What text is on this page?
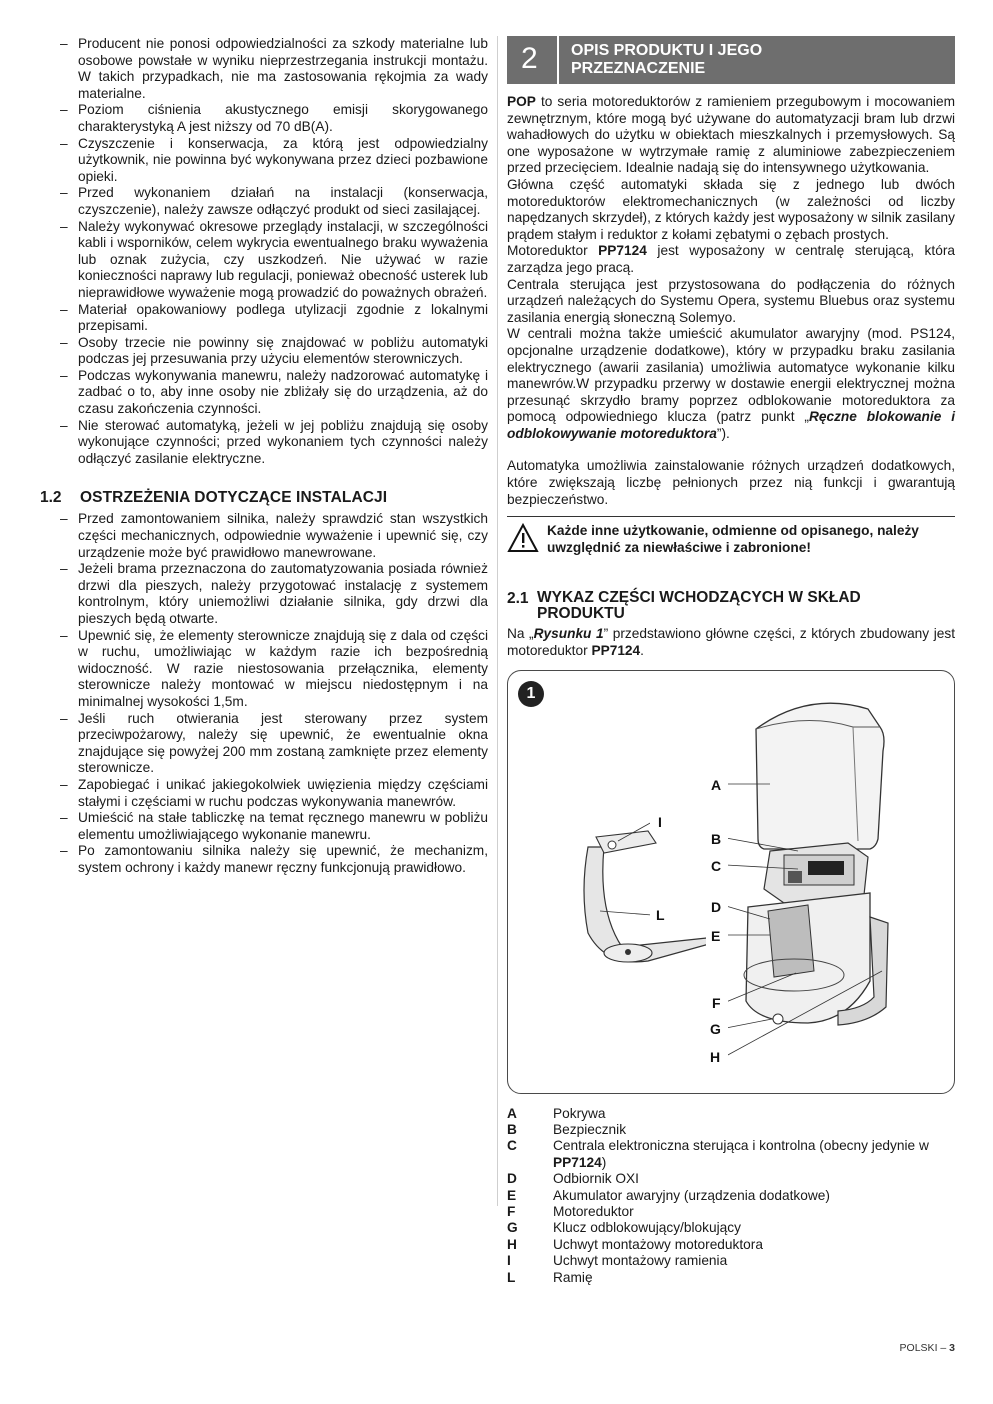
– Producent nie ponosi odpowiedzialności za szkody materialne lub osobowe powstałe w wyniku nieprzestrzegania instrukcji montażu. W takich przypadkach, nie ma zastosowania rękojmia za wady materialne.
– Poziom ciśnienia akustycznego emisji skorygowanego charakterystyką A jest niższy od 70 dB(A).
– Czyszczenie i konserwacja, za którą jest odpowiedzialny użytkownik, nie powinna być wykonywana przez dzieci pozbawione opieki.
– Przed wykonaniem działań na instalacji (konserwacja, czyszczenie), należy zawsze odłączyć produkt od sieci zasilającej.
– Należy wykonywać okresowe przeglądy instalacji, w szczególności kabli i wsporników, celem wykrycia ewentualnego braku wyważenia lub oznak zużycia, czy uszkodzeń. Nie używać w razie konieczności naprawy lub regulacji, ponieważ obecność usterek lub nieprawidłowe wyważenie mogą prowadzić do poważnych obrażeń.
– Materiał opakowaniowy podlega utylizacji zgodnie z lokalnymi przepisami.
– Osoby trzecie nie powinny się znajdować w pobliżu automatyki podczas jej przesuwania przy użyciu elementów sterowniczych.
– Podczas wykonywania manewru, należy nadzorować automatykę i zadbać o to, aby inne osoby nie zbliżały się do urządzenia, aż do czasu zakończenia czynności.
– Nie sterować automatyką, jeżeli w jej pobliżu znajdują się osoby wykonujące czynności; przed wykonaniem tych czynności należy odłączyć zasilanie elektryczne.
1.2	OSTRZEŻENIA DOTYCZĄCE INSTALACJI
– Przed zamontowaniem silnika, należy sprawdzić stan wszystkich części mechanicznych, odpowiednie wyważenie i upewnić się, czy urządzenie może być prawidłowo manewrowane.
– Jeżeli brama przeznaczona do zautomatyzowania posiada również drzwi dla pieszych, należy przygotować instalację z systemem kontrolnym, który uniemożliwi działanie silnika, gdy drzwi dla pieszych będą otwarte.
– Upewnić się, że elementy sterownicze znajdują się z dala od części w ruchu, umożliwiając w każdym razie ich bezpośrednią widoczność. W razie niestosowania przełącznika, elementy sterownicze należy montować w miejscu niedostępnym i na minimalnej wysokości 1,5m.
– Jeśli ruch otwierania jest sterowany przez system przeciwpożarowy, należy się upewnić, że ewentualnie okna znajdujące się powyżej 200 mm zostaną zamknięte przez elementy sterownicze.
– Zapobiegać i unikać jakiegokolwiek uwięzienia między częściami stałymi i częściami w ruchu podczas wykonywania manewrów.
– Umieścić na stałe tabliczkę na temat ręcznego manewru w pobliżu elementu umożliwiającego wykonanie manewru.
– Po zamontowaniu silnika należy się upewnić, że mechanizm, system ochrony i każdy manewr ręczny funkcjonują prawidłowo.
2 OPIS PRODUKTU I JEGO
PRZEZNACZENIE

POP to seria motoreduktorów z ramieniem przegubowym i mocowaniem zewnętrznym, które mogą być używane do automatyzacji bram lub drzwi wahadłowych do użytku w obiektach mieszkalnych i przemysłowych. Są one wyposażone w wytrzymałe ramię z aluminiowe zabezpieczeniem przed przecięciem. Idealnie nadają się do intensywnego użytkowania.

Główna część automatyki składa się z jednego lub dwóch motoreduktorów elektromechanicznych (w zależności od liczby napędzanych skrzydeł), z których każdy jest wyposażony w silnik zasilany prądem stałym i reduktor z kołami zębatymi o zębach prostych.

Motoreduktor PP7124 jest wyposażony w centralę sterującą, która zarządza jego pracą.

Centrala sterująca jest przystosowana do podłączenia do różnych urządzeń należących do Systemu Opera, systemu Bluebus oraz systemu zasilania energią słoneczną Solemyo.

W centrali można także umieścić akumulator awaryjny (mod. PS124, opcjonalne urządzenie dodatkowe), który w przypadku braku zasilania elektrycznego (awarii zasilania) umożliwia automatyce wykonanie kilku manewrów.W przypadku przerwy w dostawie energii elektrycznej można przesunąć skrzydło bramy poprzez odblokowanie motoreduktora za pomocą odpowiedniego klucza (patrz punkt „Ręczne blokowanie i odblokowywanie motoreduktora”).

Automatyka umożliwia zainstalowanie różnych urządzeń dodatkowych, które zwiększają liczbę pełnionych przez nią funkcji i gwarantują bezpieczeństwo.

Każde inne użytkowanie, odmienne od opisanego, należy uwzględnić za niewłaściwe i zabronione!
2.1 WYKAZ CZĘŚCI WCHODZĄCYCH W SKŁAD
PRODUKTU

Na „Rysunku 1” przedstawiono główne części, z których zbudowany jest motoreduktor PP7124.

A
B
C
D
E
F
G
H
I
L
1
A	Pokrywa
B	Bezpiecznik
C	Centrala elektroniczna sterująca i kontrolna (obecny jedynie w PP7124)
D	Odbiornik OXI
E	Akumulator awaryjny (urządzenia dodatkowe)
F	Motoreduktor
G	Klucz odblokowujący/blokujący
H	Uchwyt montażowy motoreduktora
I	Uchwyt montażowy ramienia
L	Ramię
POLSKI – 3
